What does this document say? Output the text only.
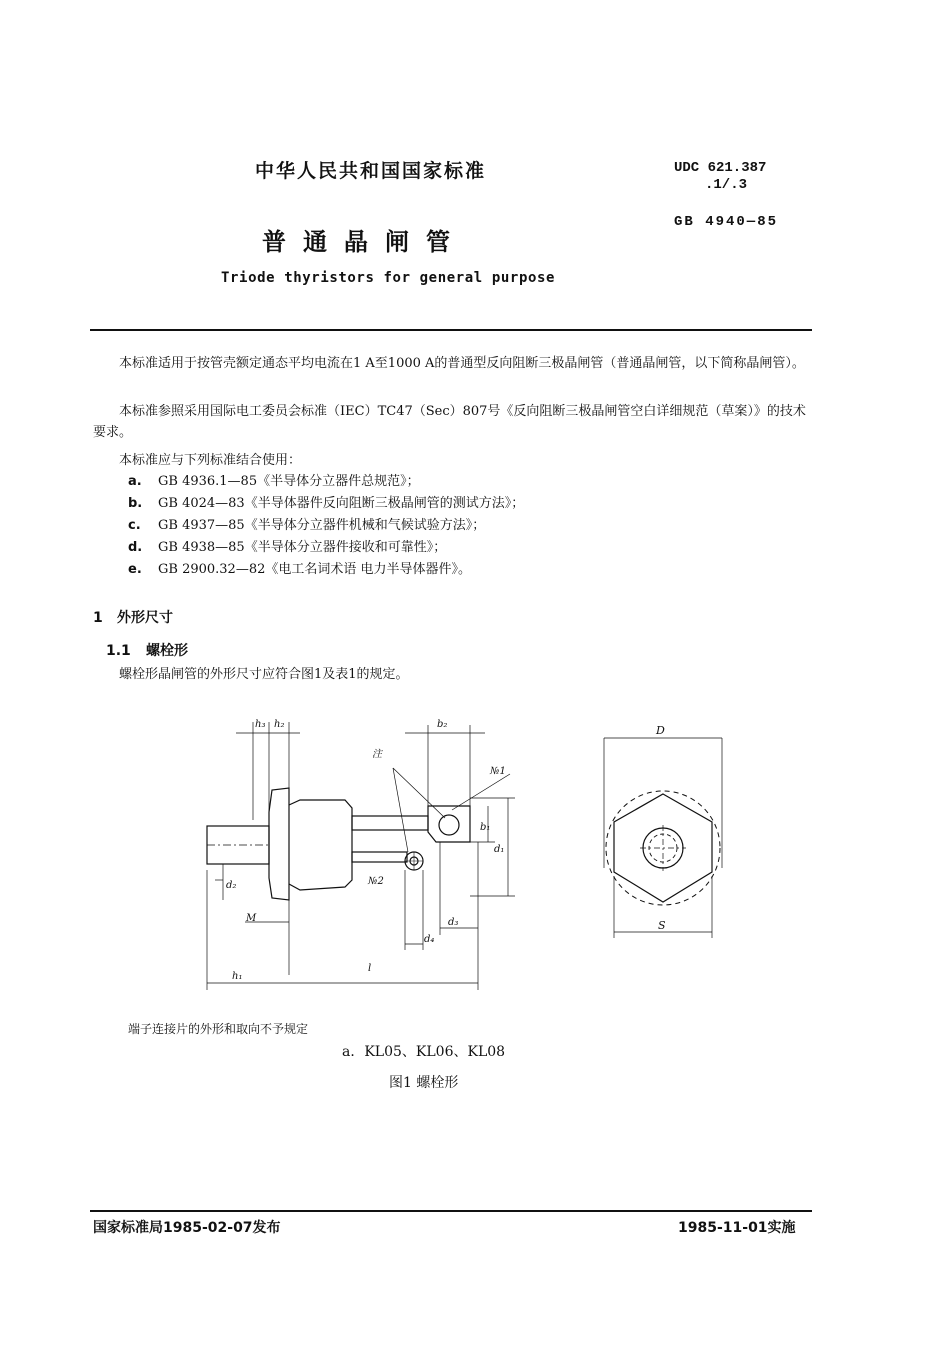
中华人民共和国国家标准	UDC 621.387
.1/.3
GB 4940—85
普通晶闸管
Triode thyristors for general purpose
本标准适用于按管壳额定通态平均电流在1 A至1000 A的普通型反向阻断三极晶闸管（普通晶闸管，以下简称晶闸管）。
本标准参照采用国际电工委员会标准（IEC）TC47（Sec）807号《反向阻断三极晶闸管空白详细规范（草案）》的技术要求。
本标准应与下列标准结合使用：
a. GB 4936.1—85《半导体分立器件总规范》；
b. GB 4024—83《半导体器件反向阻断三极晶闸管的测试方法》；
c. GB 4937—85《半导体分立器件机械和气候试验方法》；
d. GB 4938—85《半导体分立器件接收和可靠性》；
e. GB 2900.32—82《电工名词术语 电力半导体器件》。
1 外形尺寸
1.1 螺栓形
螺栓形晶闸管的外形尺寸应符合图1及表1的规定。
h₃ h₂	b₂
注
№1
№2
b₁
d₁
d₂
d₃
d₄
M
h₁
l
D
S
端子连接片的外形和取向不予规定
a．KL05、KL06、KL08
图1 螺栓形
国家标准局1985-02-07发布	1985-11-01实施
